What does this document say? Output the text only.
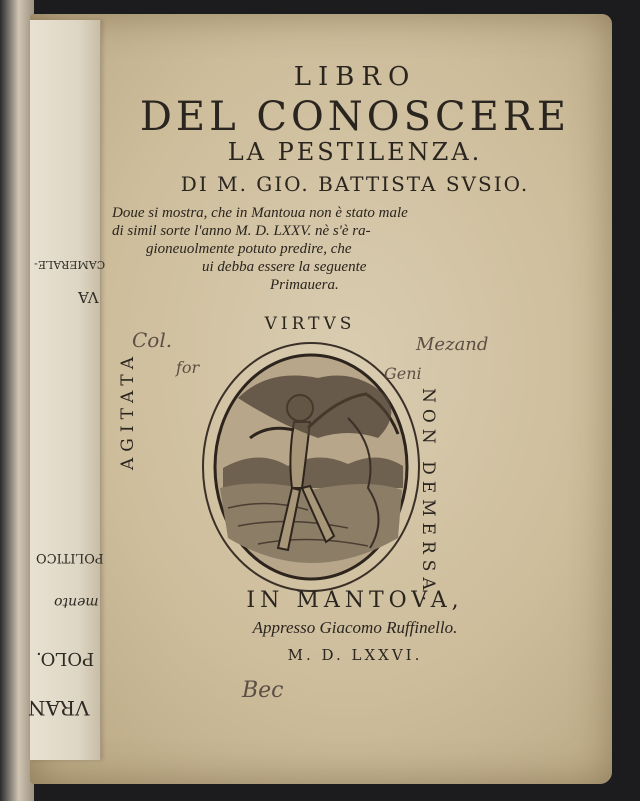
CAMERALE-
VA
POLITICO
mento
POLO.
VRAN
LIBRO
DEL CONOSCERE
LA PESTILENZA.
DI M. GIO. BATTISTA SVSIO.
Doue si mostra, che in Mantoua non è stato male
di simil sorte l'anno M. D. LXXV. nè s'è ra-
gioneuolmente potuto predire, che
ui debba essere la seguente
Primauera.
VIRTVS
AGITATA	NON DEMERSA.
IN MANTOVA,
Appresso Giacomo Ruffinello.
M. D. LXXVI.
Col.
for
Mezand
Geni
Bec
